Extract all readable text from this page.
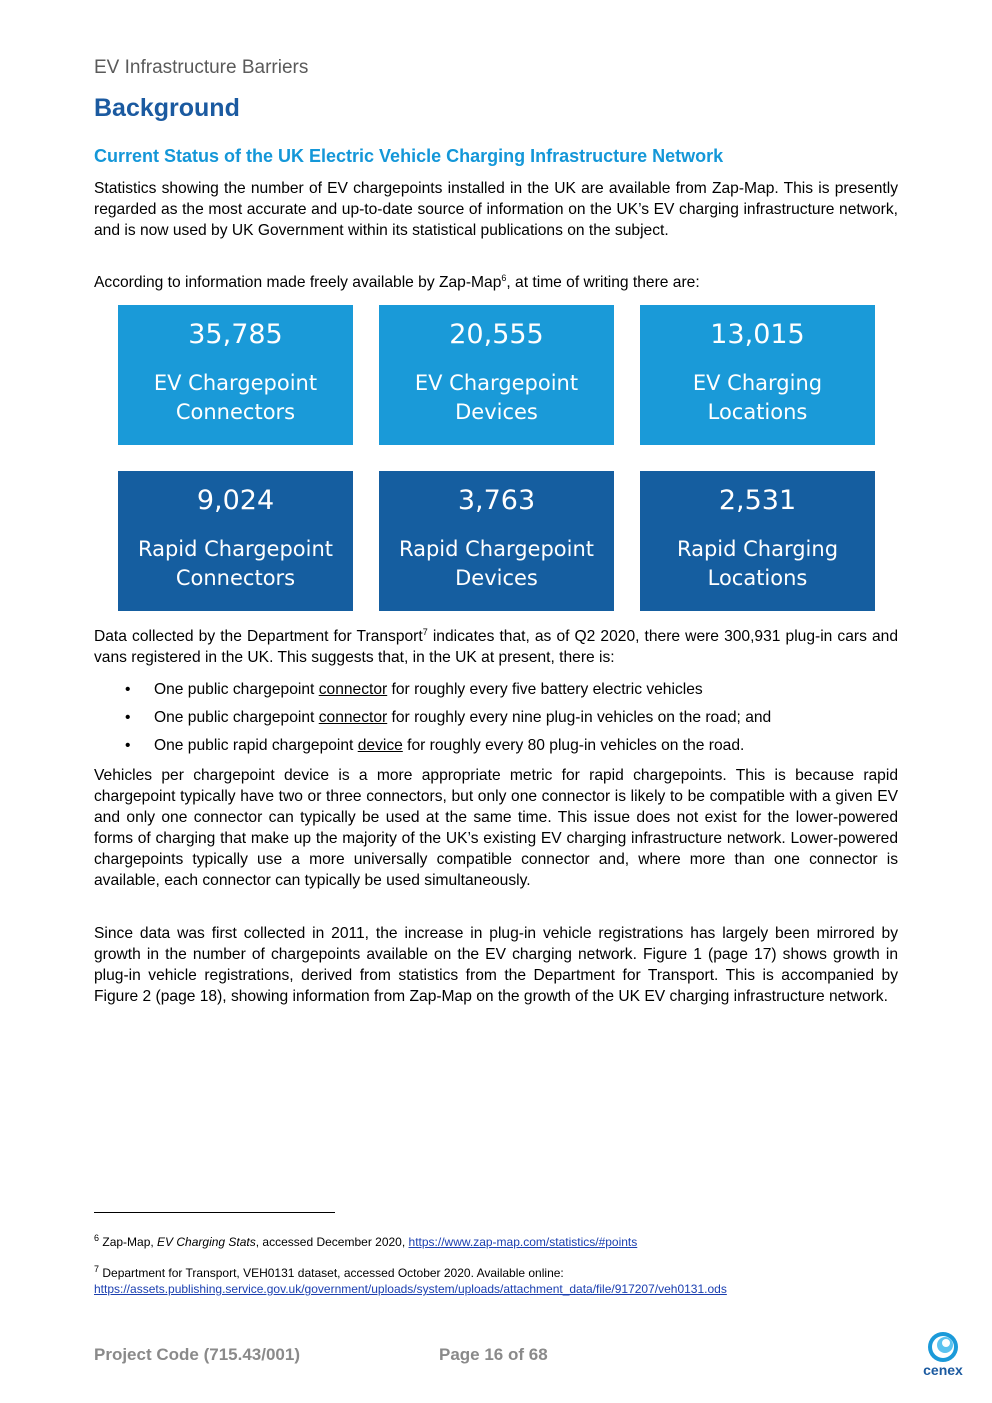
EV Infrastructure Barriers
Background
Current Status of the UK Electric Vehicle Charging Infrastructure Network
Statistics showing the number of EV chargepoints installed in the UK are available from Zap-Map. This is presently regarded as the most accurate and up-to-date source of information on the UK’s EV charging infrastructure network, and is now used by UK Government within its statistical publications on the subject.
According to information made freely available by Zap-Map$^6$, at time of writing there are:
35,785
EV Chargepoint
Connectors
20,555
EV Chargepoint
Devices
13,015
EV Charging
Locations
9,024
Rapid Chargepoint
Connectors
3,763
Rapid Chargepoint
Devices
2,531
Rapid Charging
Locations
Data collected by the Department for Transport$^7$ indicates that, as of Q2 2020, there were 300,931 plug-in cars and vans registered in the UK. This suggests that, in the UK at present, there is:
• One public chargepoint connector for roughly every five battery electric vehicles
• One public chargepoint connector for roughly every nine plug-in vehicles on the road; and
• One public rapid chargepoint device for roughly every 80 plug-in vehicles on the road.
Vehicles per chargepoint device is a more appropriate metric for rapid chargepoints. This is because rapid chargepoint typically have two or three connectors, but only one connector is likely to be compatible with a given EV and only one connector can typically be used at the same time. This issue does not exist for the lower-powered forms of charging that make up the majority of the UK’s existing EV charging infrastructure network. Lower-powered chargepoints typically use a more universally compatible connector and, where more than one connector is available, each connector can typically be used simultaneously.
Since data was first collected in 2011, the increase in plug-in vehicle registrations has largely been mirrored by growth in the number of chargepoints available on the EV charging network. Figure 1 (page 17) shows growth in plug-in vehicle registrations, derived from statistics from the Department for Transport. This is accompanied by Figure 2 (page 18), showing information from Zap-Map on the growth of the UK EV charging infrastructure network.
$^6$ Zap-Map, EV Charging Stats, accessed December 2020, https://www.zap-map.com/statistics/#points
$^7$ Department for Transport, VEH0131 dataset, accessed October 2020. Available online:
https://assets.publishing.service.gov.uk/government/uploads/system/uploads/attachment_data/file/917207/veh0131.ods
Project Code (715.43/001)	Page 16 of 68
cenex
